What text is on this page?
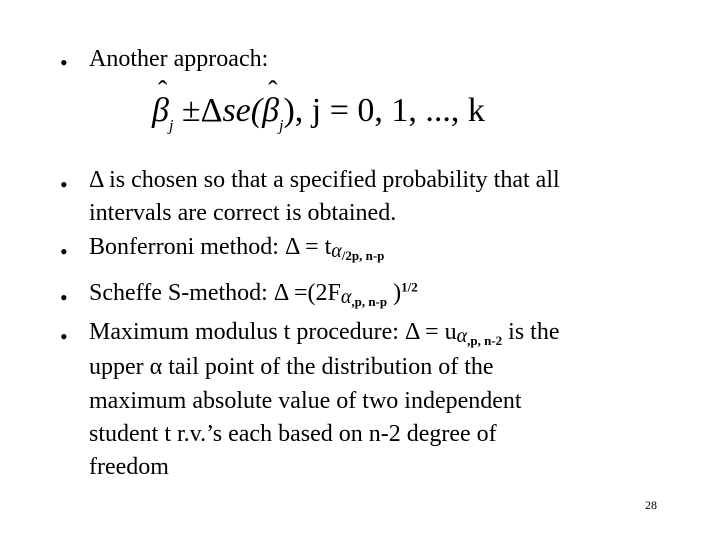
• Another approach:
ˆ $\beta_j$ ±Δse(ˆ $\beta_j$), j = 0, 1, ..., k
• Δ is chosen so that a specified probability that all
intervals are correct is obtained.
• Bonferroni method: $\Delta = t\alpha_{/2p, n-p}$
• Scheffe S-method: $\Delta =(2F\alpha_{,p, n-p}$ )$^{1/2}$
• Maximum modulus t procedure: $\Delta = u\alpha_{,p, n-2}$ is the
upper α tail point of the distribution of the
maximum absolute value of two independent
student t r.v.’s each based on n-2 degree of
freedom
28
